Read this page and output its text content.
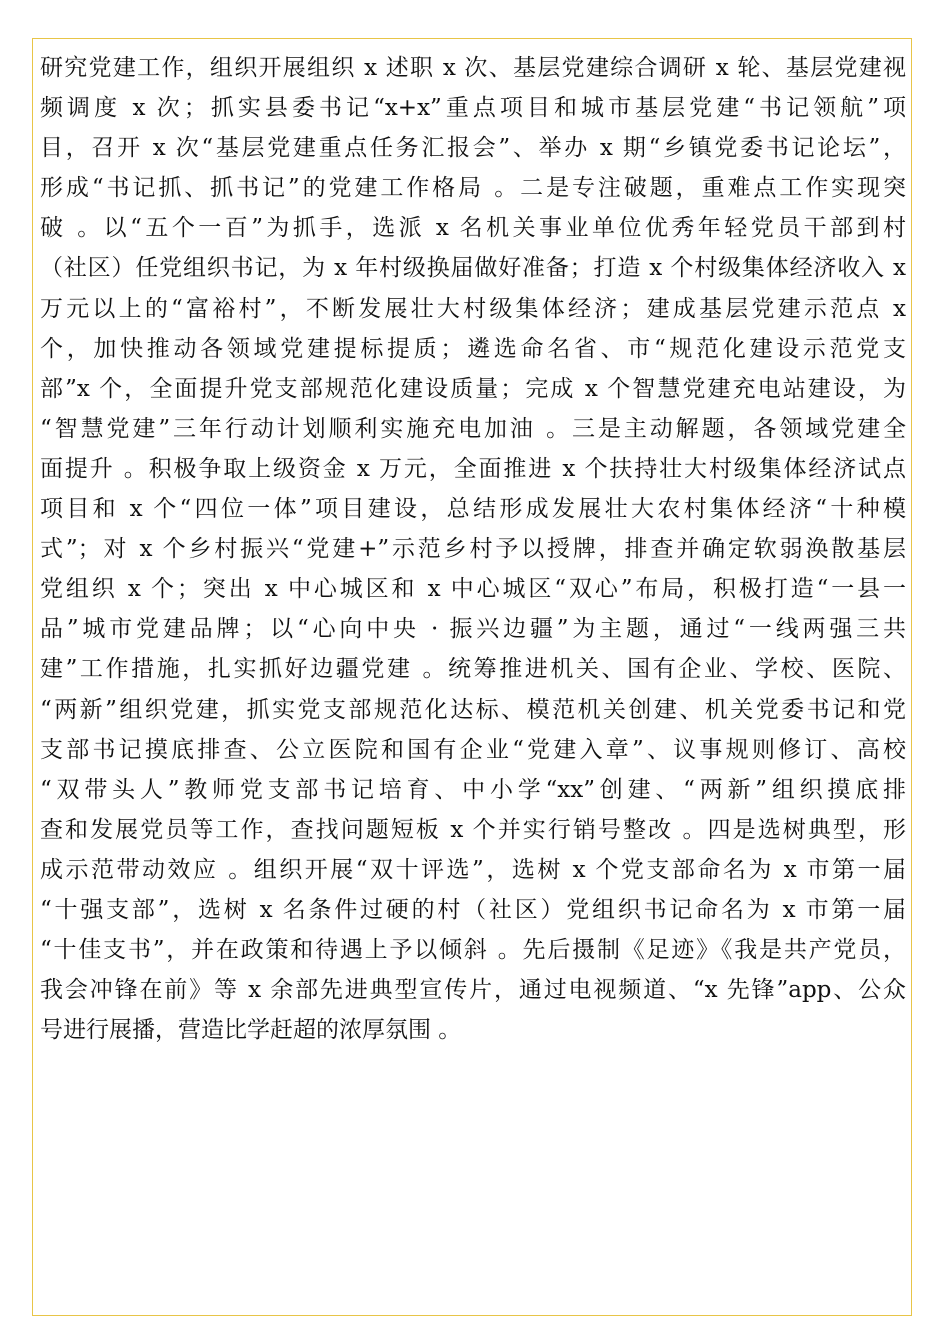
研究党建工作，组织开展组织 x 述职 x 次、基层党建综合调研 x 轮、基层党建视
频调度 x 次；抓实县委书记“x+x”重点项目和城市基层党建“书记领航”项
目，召开 x 次“基层党建重点任务汇报会”、举办 x 期“乡镇党委书记论坛”，
形成“书记抓、抓书记”的党建工作格局 。二是专注破题，重难点工作实现突
破 。以“五个一百”为抓手，选派 x 名机关事业单位优秀年轻党员干部到村
（社区）任党组织书记，为 x 年村级换届做好准备；打造 x 个村级集体经济收入 x
万元以上的“富裕村”，不断发展壮大村级集体经济；建成基层党建示范点 x
个，加快推动各领域党建提标提质；遴选命名省、市“规范化建设示范党支
部”x 个，全面提升党支部规范化建设质量；完成 x 个智慧党建充电站建设，为
“智慧党建”三年行动计划顺利实施充电加油 。三是主动解题，各领域党建全
面提升 。积极争取上级资金 x 万元，全面推进 x 个扶持壮大村级集体经济试点
项目和 x 个“四位一体”项目建设，总结形成发展壮大农村集体经济“十种模
式”；对 x 个乡村振兴“党建+”示范乡村予以授牌，排查并确定软弱涣散基层
党组织 x 个；突出 x 中心城区和 x 中心城区“双心”布局，积极打造“一县一
品”城市党建品牌；以“心向中央 · 振兴边疆”为主题，通过“一线两强三共
建”工作措施，扎实抓好边疆党建 。统筹推进机关、国有企业、学校、医院、
“两新”组织党建，抓实党支部规范化达标、模范机关创建、机关党委书记和党
支部书记摸底排查、公立医院和国有企业“党建入章”、议事规则修订、高校
“双带头人”教师党支部书记培育、中小学“xx”创建、“两新”组织摸底排
查和发展党员等工作，查找问题短板 x 个并实行销号整改 。四是选树典型，形
成示范带动效应 。组织开展“双十评选”，选树 x 个党支部命名为 x 市第一届
“十强支部”，选树 x 名条件过硬的村（社区）党组织书记命名为 x 市第一届
“十佳支书”，并在政策和待遇上予以倾斜 。先后摄制《足迹》《我是共产党员，
我会冲锋在前》等 x 余部先进典型宣传片，通过电视频道、“x 先锋”app、公众
号进行展播，营造比学赶超的浓厚氛围 。
